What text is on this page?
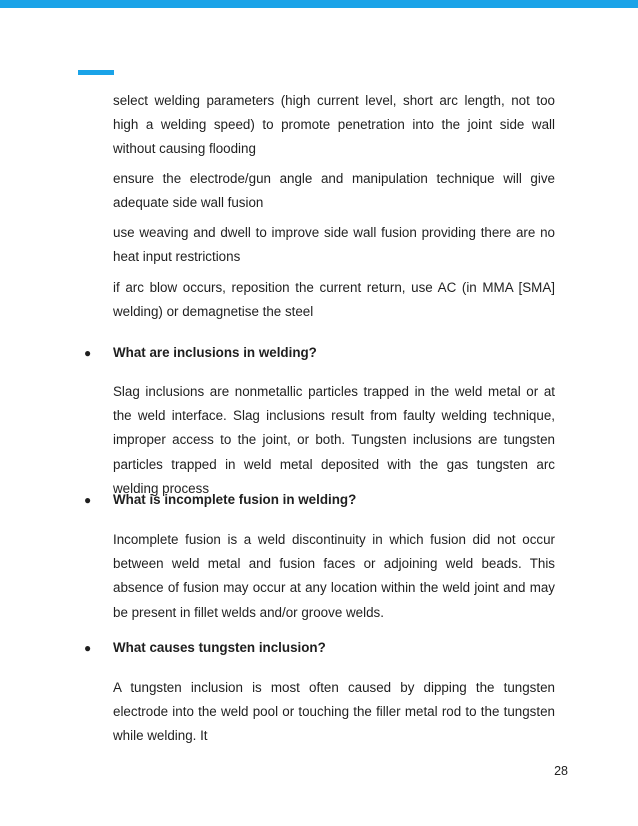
select welding parameters (high current level, short arc length, not too high a welding speed) to promote penetration into the joint side wall without causing flooding

ensure the electrode/gun angle and manipulation technique will give adequate side wall fusion

use weaving and dwell to improve side wall fusion providing there are no heat input restrictions

if arc blow occurs, reposition the current return, use AC (in MMA [SMA] welding) or demagnetise the steel

● What are inclusions in welding?

Slag inclusions are nonmetallic particles trapped in the weld metal or at the weld interface. Slag inclusions result from faulty welding technique, improper access to the joint, or both. Tungsten inclusions are tungsten particles trapped in weld metal deposited with the gas tungsten arc welding process

● What is incomplete fusion in welding?

Incomplete fusion is a weld discontinuity in which fusion did not occur between weld metal and fusion faces or adjoining weld beads. This absence of fusion may occur at any location within the weld joint and may be present in fillet welds and/or groove welds.

● What causes tungsten inclusion?

A tungsten inclusion is most often caused by dipping the tungsten electrode into the weld pool or touching the filler metal rod to the tungsten while welding. It

28
